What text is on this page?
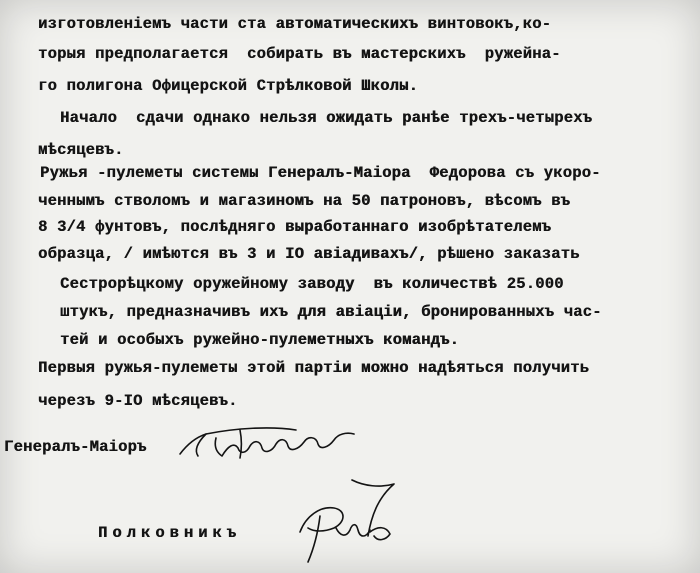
изготовленiемъ части ста автоматическихъ винтовокъ,ко-
торыя предполагается  собирать въ мастерскихъ  ружейна-
го полигона Офицерской Стрѣлковой Школы.
Начало  сдачи однако нельзя ожидать ранѣе трехъ-четырехъ
мѣсяцевъ.
Ружья -пулеметы системы Генералъ-Маiора  Федорова съ укоро-
ченнымъ стволомъ и магазиномъ на 50 патроновъ, вѣсомъ въ
8 3/4 фунтовъ, послѣдняго выработаннаго изобрѣтателемъ
образца, / имѣются въ 3 и IO авiадивахъ/, рѣшено заказать
Сестрорѣцкому оружейному заводу  въ количествѣ 25.000
штукъ, предназначивъ ихъ для авiацiи, бронированныхъ час-
тей и особыхъ ружейно-пулеметныхъ командъ.
Первыя ружья-пулеметы этой партiи можно надѣяться получить
черезъ 9-IO мѣсяцевъ.
Генералъ-Маiоръ
Полковникъ
